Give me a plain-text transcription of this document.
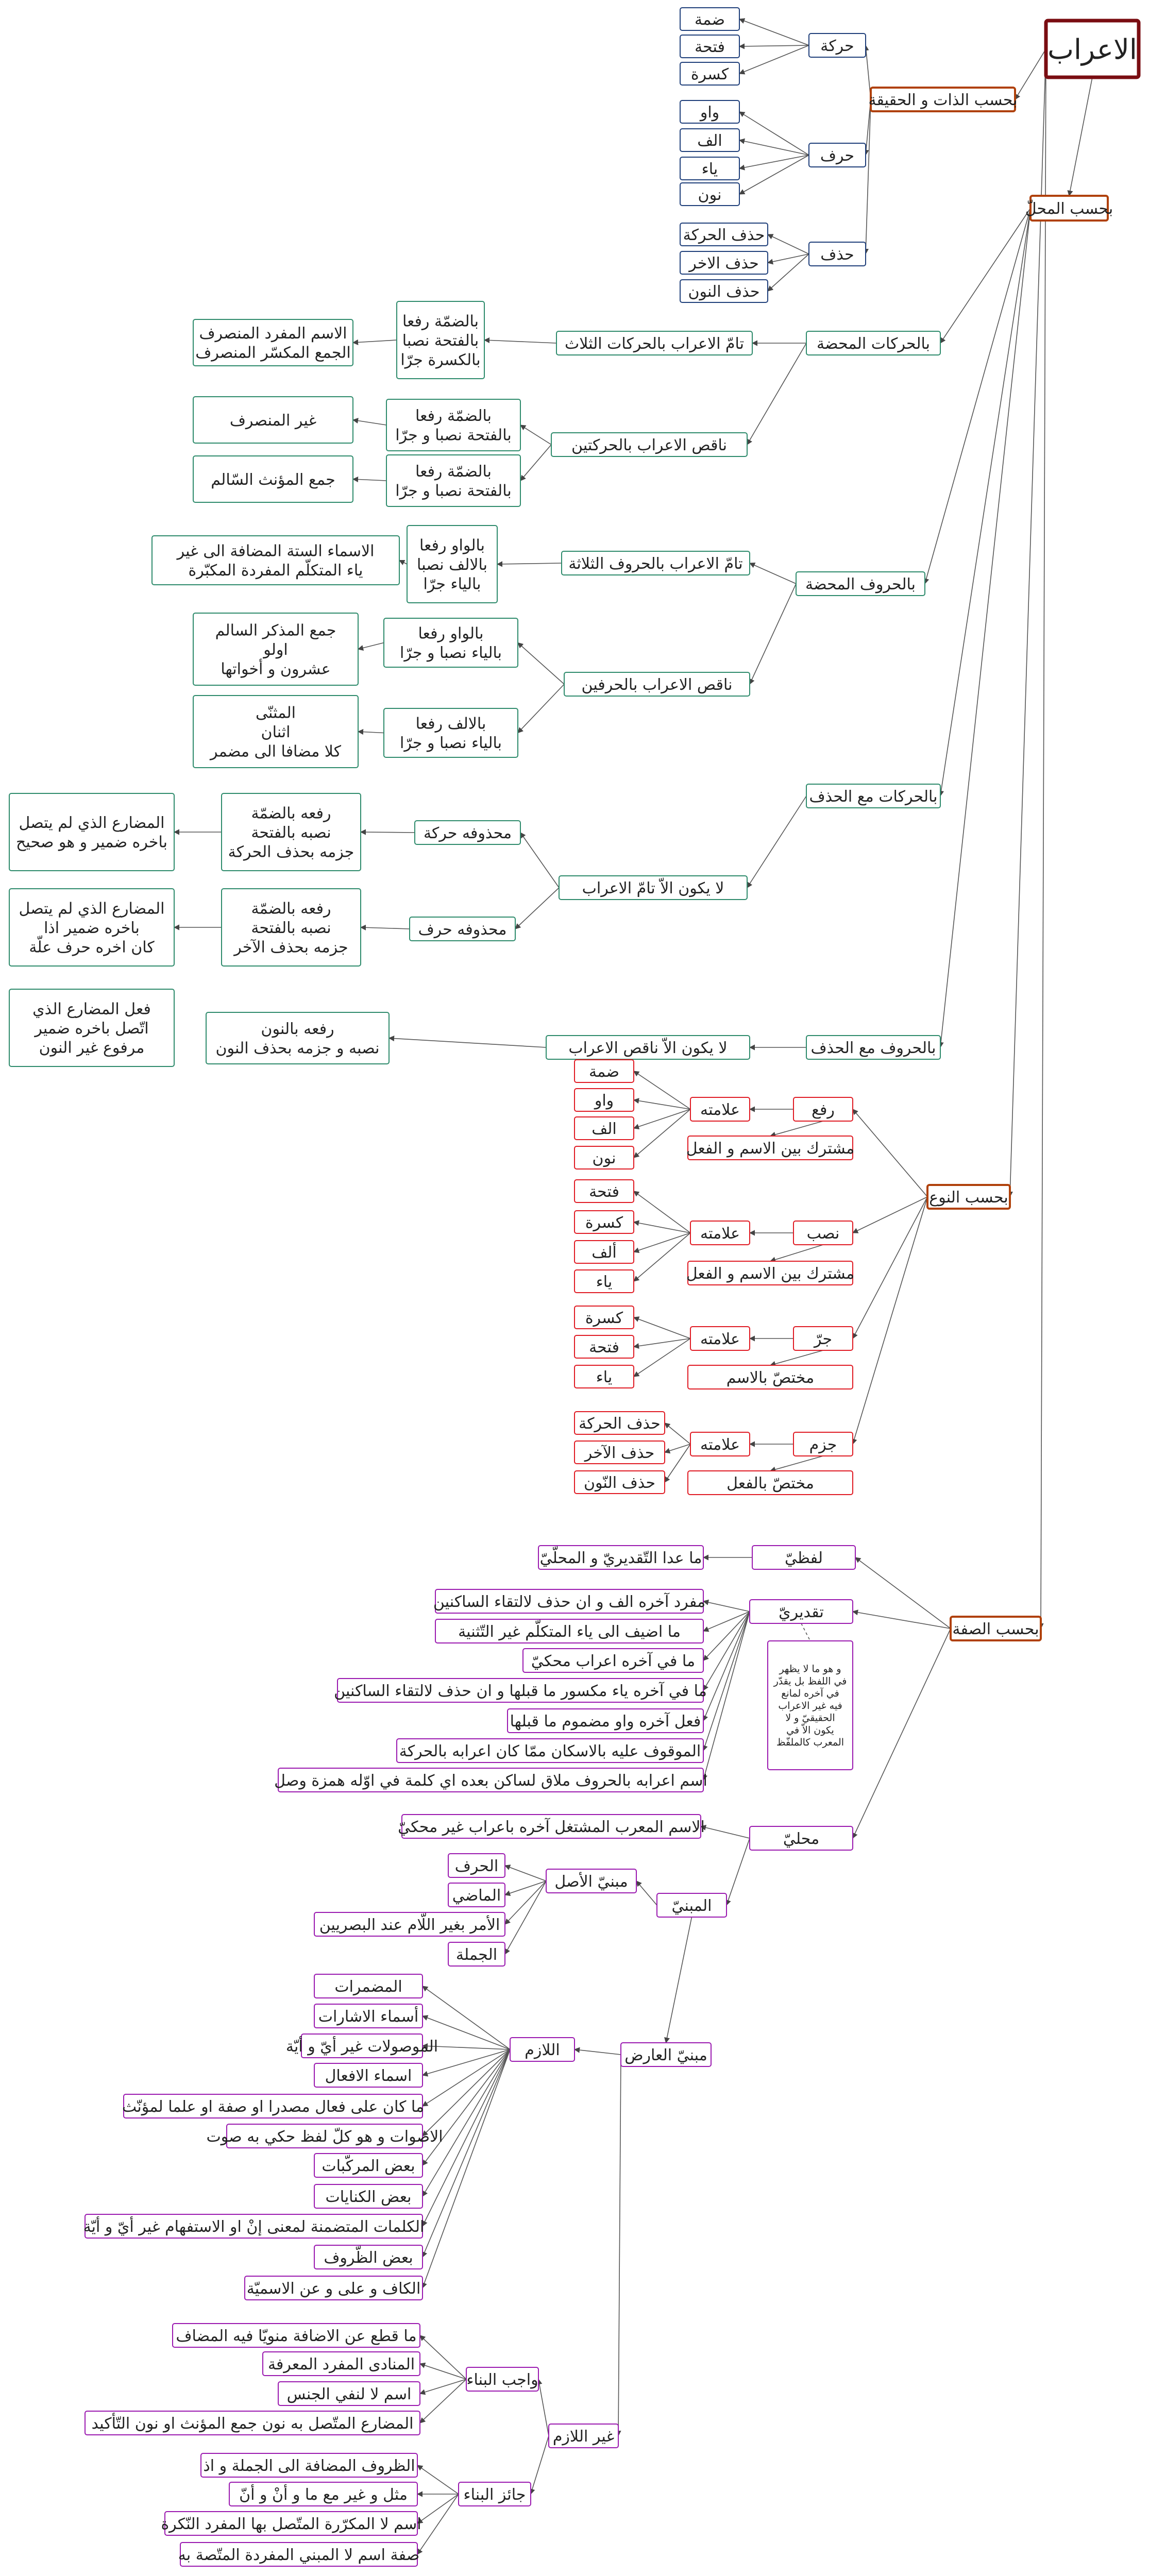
الاعراب
بحسب الذات و الحقيقة
حركة
ضمة
فتحة
كسرة
حرف
واو
الف
ياء
نون
حذف
حذف الحركة
حذف الاخر
حذف النون
بحسب المحلّ
بالحركات المحضة
تامّ الاعراب بالحركات الثلاث
بالضمّة رفعا بالفتحة نصبا بالكسرة جرّا
الاسم المفرد المنصرف الجمع المكسّر المنصرف
ناقص الاعراب بالحركتين
بالضمّة رفعا بالفتحة نصبا و جرّا
غير المنصرف
بالضمّة رفعا بالفتحة نصبا و جرّا
جمع المؤنث السّالم
بالحروف المحضة
تامّ الاعراب بالحروف الثلاثة
بالواو رفعا بالالف نصبا بالياء جرّا
الاسماء الستة المضافة الى غير ياء المتكلّم المفردة المكبّرة
ناقص الاعراب بالحرفين
بالواو رفعا بالياء نصبا و جرّا
جمع المذكر السالم اولو عشرون و أخواتها
بالالف رفعا بالياء نصبا و جرّا
المثنّى اثنان كلا مضافا الى مضمر
بالحركات مع الحذف
لا يكون الاّ تامّ الاعراب
محذوفه حركة
رفعه بالضمّة نصبه بالفتحة جزمه بحذف الحركة
المضارع الذي لم يتصل باخره ضمير و هو صحيح
محذوفه حرف
رفعه بالضمّة نصبه بالفتحة جزمه بحذف الآخر
المضارع الذي لم يتصل باخره ضمير اذا كان اخره حرف علّة
فعل المضارع الذي اتّصل باخره ضمير مرفوع غير النون
رفعه بالنون نصبه و جزمه بحذف النون	لا يكون الاّ ناقص الاعراب	بالحروف مع الحذف
بحسب النوع
رفع
علامته
ضمة
واو
الف
نون
مشترك بين الاسم و الفعل
نصب
علامته
فتحة
كسرة
ألف
ياء	مشترك بين الاسم و الفعل
جرّ
علامته
كسرة
فتحة
ياء	مختصّ بالاسم
جزم
علامته
حذف الحركة
حذف الآخر
حذف النّون	مختصّ بالفعل
بحسب الصفة
لفظيّ
ما عدا التّقديريّ و المحلّيّ
تقديريّ
و هو ما لا يظهر في اللفظ بل يقدّر في آخره لمانع فيه غير الاعراب الحقيقيّ و لا يكون الاّ في المعرب كالملفّظ
مفرد آخره الف و ان حذف لالتقاء الساكنين
ما اضيف الى ياء المتكلّم غير التّثنية
ما في آخره اعراب محكيّ
ما في آخره ياء مكسور ما قبلها و ان حذف لالتقاء الساكنين
فعل آخره واو مضموم ما قبلها
الموقوف عليه بالاسكان ممّا كان اعرابه بالحركة
اسم اعرابه بالحروف ملاق لساكن بعده اي كلمة في اوّله همزة وصل
محليّ
الاسم المعرب المشتغل آخره باعراب غير محكيّ
المبنيّ
مبنيّ الأصل
الحرف
الماضي
الأمر بغير اللّام عند البصريين
الجملة
مبنيّ العارض
اللازم
المضمرات
أسماء الاشارات
الموصولات غير أيّ و أيّة
اسماء الافعال
ما كان على فعال مصدرا او صفة او علما لمؤنّث
الاصوات و هو كلّ لفظ حكي به صوت
بعض المركّبات
بعض الكنايات
الكلمات المتضمنة لمعنى إنْ او الاستفهام غير أيّ و أيّة
بعض الظّروف
الكاف و على و عن الاسميّة
غير اللازم
واجب البناء
ما قطع عن الاضافة منويّا فيه المضاف
المنادى المفرد المعرفة
اسم لا لنفي الجنس
المضارع المتّصل به نون جمع المؤنث او نون التّأكيد
جائز البناء
الظروف المضافة الى الجملة و اذ
مثل و غير مع ما و أنْ و أنّ
اسم لا المكرّرة المتّصل بها المفرد النّكرة
صفة اسم لا المبني المفردة المتّصة به
